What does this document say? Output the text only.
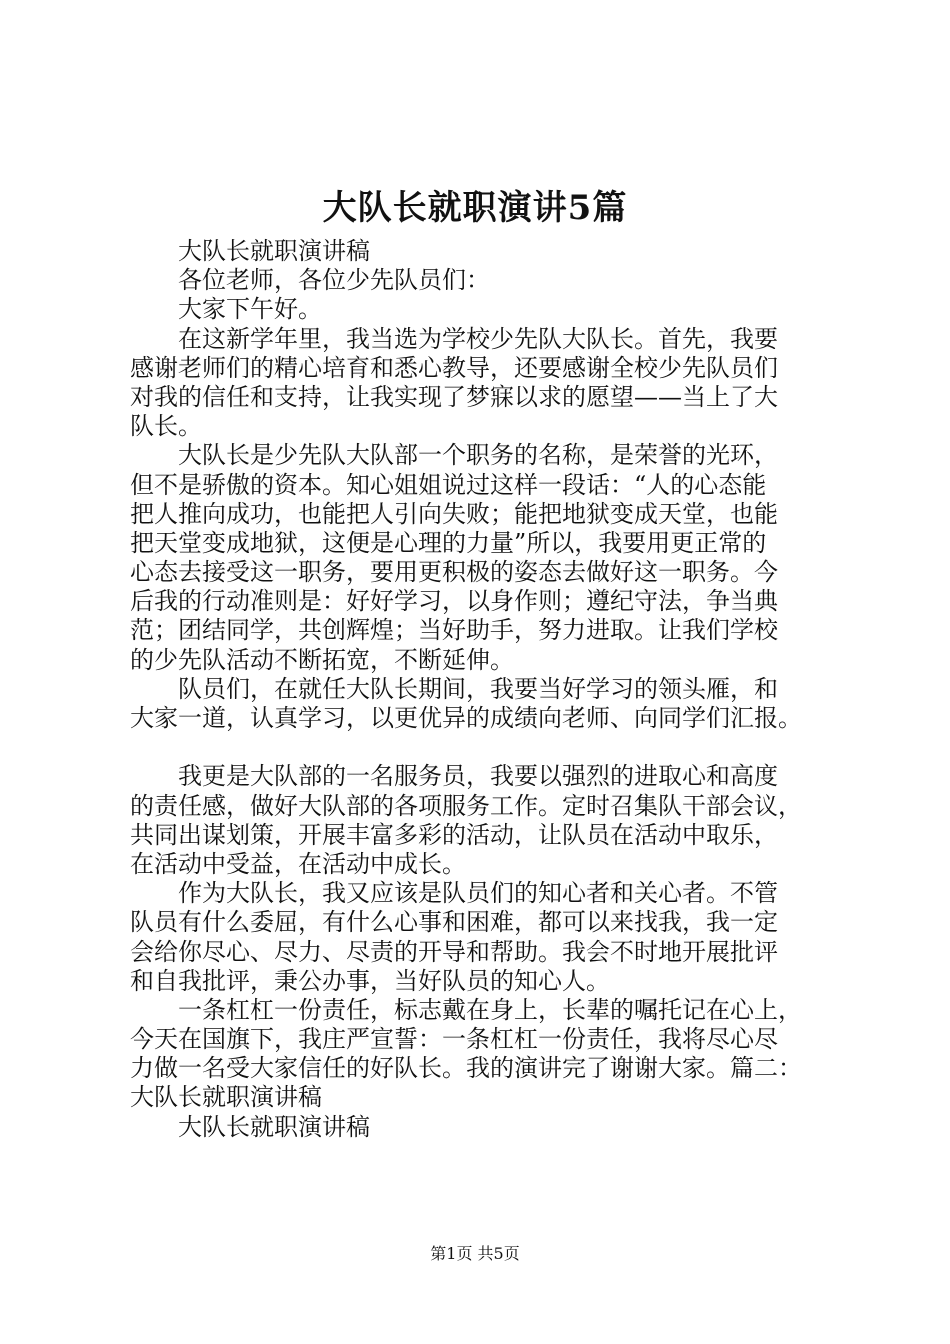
大队长就职演讲5篇
大队长就职演讲稿
各位老师，各位少先队员们：
大家下午好。
在这新学年里，我当选为学校少先队大队长。首先，我要
感谢老师们的精心培育和悉心教导，还要感谢全校少先队员们
对我的信任和支持，让我实现了梦寐以求的愿望——当上了大
队长。
大队长是少先队大队部一个职务的名称，是荣誉的光环，
但不是骄傲的资本。知心姐姐说过这样一段话：“人的心态能
把人推向成功，也能把人引向失败；能把地狱变成天堂，也能
把天堂变成地狱，这便是心理的力量”所以，我要用更正常的
心态去接受这一职务，要用更积极的姿态去做好这一职务。今
后我的行动准则是：好好学习，以身作则；遵纪守法，争当典
范；团结同学，共创辉煌；当好助手，努力进取。让我们学校
的少先队活动不断拓宽，不断延伸。
队员们，在就任大队长期间，我要当好学习的领头雁，和
大家一道，认真学习，以更优异的成绩向老师、向同学们汇报。
我更是大队部的一名服务员，我要以强烈的进取心和高度
的责任感，做好大队部的各项服务工作。定时召集队干部会议，
共同出谋划策，开展丰富多彩的活动，让队员在活动中取乐，
在活动中受益，在活动中成长。
作为大队长，我又应该是队员们的知心者和关心者。不管
队员有什么委屈，有什么心事和困难，都可以来找我，我一定
会给你尽心、尽力、尽责的开导和帮助。我会不时地开展批评
和自我批评，秉公办事，当好队员的知心人。
一条杠杠一份责任，标志戴在身上，长辈的嘱托记在心上，
今天在国旗下，我庄严宣誓：一条杠杠一份责任，我将尽心尽
力做一名受大家信任的好队长。我的演讲完了谢谢大家。篇二：
大队长就职演讲稿
大队长就职演讲稿
第1页 共5页
